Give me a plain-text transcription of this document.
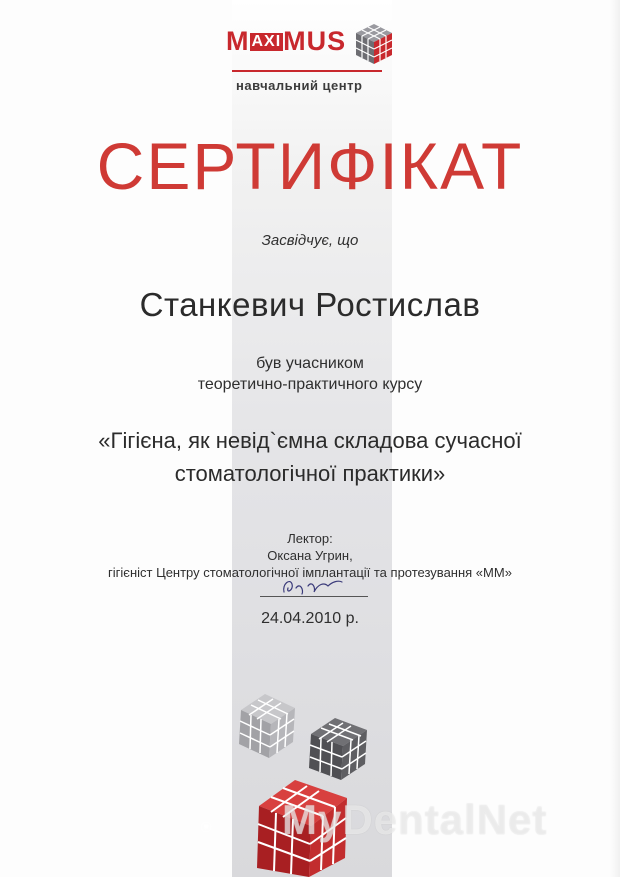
M AXIMUS
навчальний центр
СЕРТИФІКАТ
Засвідчує, що
Станкевич Ростислав
був учасником
теоретично-практичного курсу
«Гігієна, як невід`ємна складова сучасної
стоматологічної практики»
Лектор:
Оксана Угрин,
гігієніст Центру стоматологічної імплантації та протезування «ММ»
24.04.2010 р.
MyDentalNet
